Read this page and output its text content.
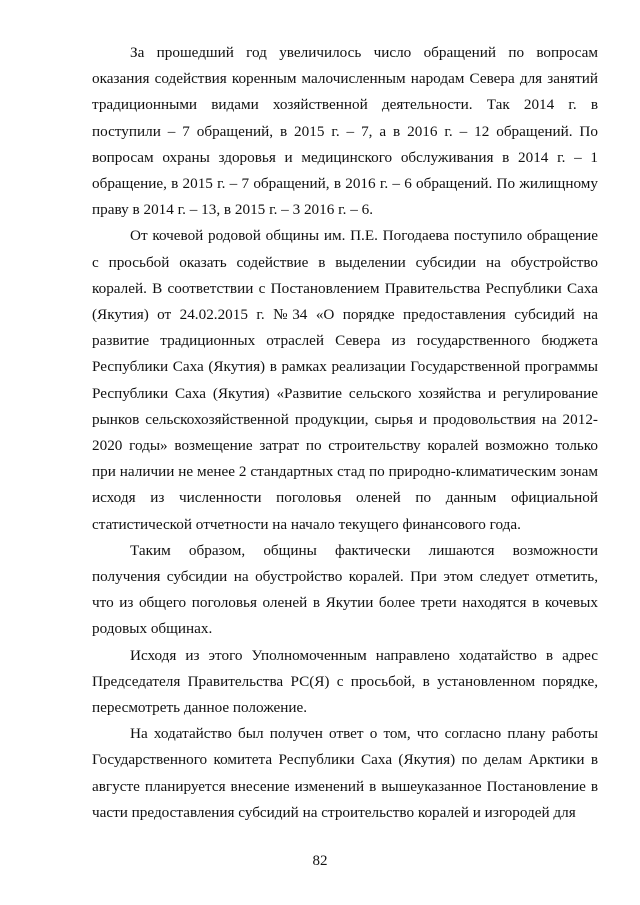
За прошедший год увеличилось число обращений по вопросам оказания содействия коренным малочисленным народам Севера для занятий традиционными видами хозяйственной деятельности. Так 2014 г. в поступили – 7 обращений, в 2015 г. – 7, а в 2016 г. – 12 обращений. По вопросам охраны здоровья и медицинского обслуживания в 2014 г. – 1 обращение, в 2015 г. – 7 обращений, в 2016 г. – 6 обращений. По жилищному праву в 2014 г. – 13, в 2015 г. – 3 2016 г. – 6.

От кочевой родовой общины им. П.Е. Погодаева поступило обращение с просьбой оказать содействие в выделении субсидии на обустройство коралей. В соответствии с Постановлением Правительства Республики Саха (Якутия) от 24.02.2015 г. №34 «О порядке предоставления субсидий на развитие традиционных отраслей Севера из государственного бюджета Республики Саха (Якутия) в рамках реализации Государственной программы Республики Саха (Якутия) «Развитие сельского хозяйства и регулирование рынков сельскохозяйственной продукции, сырья и продовольствия на 2012-2020 годы» возмещение затрат по строительству коралей возможно только при наличии не менее 2 стандартных стад по природно-климатическим зонам исходя из численности поголовья оленей по данным официальной статистической отчетности на начало текущего финансового года.

Таким образом, общины фактически лишаются возможности получения субсидии на обустройство коралей. При этом следует отметить, что из общего поголовья оленей в Якутии более трети находятся в кочевых родовых общинах.

Исходя из этого Уполномоченным направлено ходатайство в адрес Председателя Правительства РС(Я) с просьбой, в установленном порядке, пересмотреть данное положение.

На ходатайство был получен ответ о том, что согласно плану работы Государственного комитета Республики Саха (Якутия) по делам Арктики в августе планируется внесение изменений в вышеуказанное Постановление в части предоставления субсидий на строительство коралей и изгородей для

82
